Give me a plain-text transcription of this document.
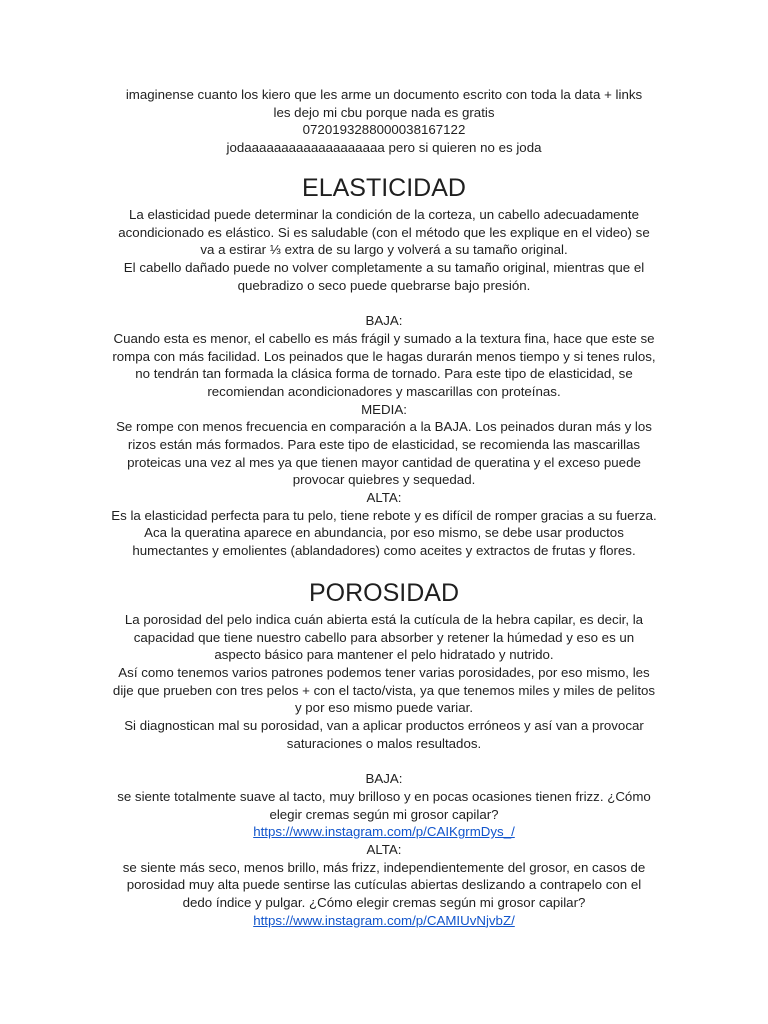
imaginense cuanto los kiero que les arme un documento escrito con toda la data + links
les dejo mi cbu porque nada es gratis
0720193288000038167122
jodaaaaaaaaaaaaaaaaaaa pero si quieren no es joda
ELASTICIDAD
La elasticidad puede determinar la condición de la corteza, un cabello adecuadamente
acondicionado es elástico. Si es saludable (con el método que les explique en el video) se
va a estirar ⅓ extra de su largo y volverá a su tamaño original.
El cabello dañado puede no volver completamente a su tamaño original, mientras que el
quebradizo o seco puede quebrarse bajo presión.
BAJA:
Cuando esta es menor, el cabello es más frágil y sumado a la textura fina, hace que este se
rompa con más facilidad. Los peinados que le hagas durarán menos tiempo y si tenes rulos,
no tendrán tan formada la clásica forma de tornado. Para este tipo de elasticidad, se
recomiendan acondicionadores y mascarillas con proteínas.
MEDIA:
Se rompe con menos frecuencia en comparación a la BAJA. Los peinados duran más y los
rizos están más formados. Para este tipo de elasticidad, se recomienda las mascarillas
proteicas una vez al mes ya que tienen mayor cantidad de queratina y el exceso puede
provocar quiebres y sequedad.
ALTA:
Es la elasticidad perfecta para tu pelo, tiene rebote y es difícil de romper gracias a su fuerza.
Aca la queratina aparece en abundancia, por eso mismo, se debe usar productos
humectantes y emolientes (ablandadores) como aceites y extractos de frutas y flores.
POROSIDAD
La porosidad del pelo indica cuán abierta está la cutícula de la hebra capilar, es decir, la
capacidad que tiene nuestro cabello para absorber y retener la húmedad y eso es un
aspecto básico para mantener el pelo hidratado y nutrido.
Así como tenemos varios patrones podemos tener varias porosidades, por eso mismo, les
dije que prueben con tres pelos + con el tacto/vista, ya que tenemos miles y miles de pelitos
y por eso mismo puede variar.
Si diagnostican mal su porosidad, van a aplicar productos erróneos y así van a provocar
saturaciones o malos resultados.
BAJA:
se siente totalmente suave al tacto, muy brilloso y en pocas ocasiones tienen frizz. ¿Cómo
elegir cremas según mi grosor capilar?
https://www.instagram.com/p/CAIKgrmDys_/
ALTA:
se siente más seco, menos brillo, más frizz, independientemente del grosor, en casos de
porosidad muy alta puede sentirse las cutículas abiertas deslizando a contrapelo con el
dedo índice y pulgar. ¿Cómo elegir cremas según mi grosor capilar?
https://www.instagram.com/p/CAMIUvNjvbZ/
